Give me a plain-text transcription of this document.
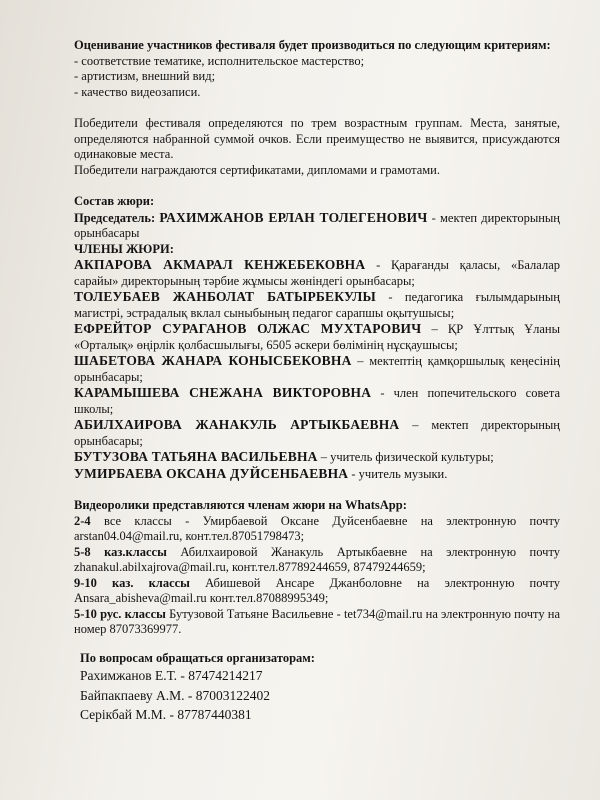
Оценивание участников фестиваля будет производиться по следующим критериям:

- соответствие тематике, исполнительское мастерство;

- артистизм, внешний вид;

- качество видеозаписи.

Победители фестиваля определяются по трем возрастным группам. Места, занятые, определяются набранной суммой очков. Если преимущество не выявится, присуждаются одинаковые места.

Победители награждаются сертификатами, дипломами и грамотами.

Состав жюри:

Председатель: РАХИМЖАНОВ ЕРЛАН ТОЛЕГЕНОВИЧ - мектеп директорының орынбасары

ЧЛЕНЫ ЖЮРИ:

АКПАРОВА АКМАРАЛ КЕНЖЕБЕКОВНА - Қарағанды қаласы, «Балалар сарайы» директорының тәрбие жұмысы жөніндегі орынбасары;

ТОЛЕУБАЕВ ЖАНБОЛАТ БАТЫРБЕКУЛЫ - педагогика ғылымдарының магистрі, эстрадалық вклал сыныбының педагог сарапшы оқытушысы;

ЕФРЕЙТОР СУРАГАНОВ ОЛЖАС МУХТАРОВИЧ – ҚР Ұлттық Ұланы «Орталық» өңірлік қолбасшылығы, 6505 әскери бөлімінің нұсқаушысы;

ШАБЕТОВА ЖАНАРА КОНЫСБЕКОВНА – мектептің қамқоршылық кеңесінің орынбасары;

КАРАМЫШЕВА СНЕЖАНА ВИКТОРОВНА - член попечительского совета школы;

АБИЛХАИРОВА ЖАНАКУЛЬ АРТЫКБАЕВНА – мектеп директорының орынбасары;

БУТУЗОВА ТАТЬЯНА ВАСИЛЬЕВНА – учитель физической культуры;

УМИРБАЕВА ОКСАНА ДУЙСЕНБАЕВНА - учитель музыки.

Видеоролики представляются членам жюри на WhatsApp:

2-4 все классы - Умирбаевой Оксане Дуйсенбаевне на электронную почту arstan04.04@mail.ru, конт.тел.87051798473;

5-8 каз.классы Абилхаировой Жанакуль Артыкбаевне на электронную почту zhanakul.abilxajrova@mail.ru, конт.тел.87789244659, 87479244659;

9-10 каз. классы Абишевой Ансаре Джанболовне на электронную почту Ansara_abisheva@mail.ru конт.тел.87088995349;

5-10 рус. классы Бутузовой Татьяне Васильевне - tet734@mail.ru на электронную почту на номер 87073369977.

По вопросам обращаться организаторам:

Рахимжанов Е.Т. - 87474214217
Байпакпаеву А.М. - 87003122402
Серікбай М.М. - 87787440381
